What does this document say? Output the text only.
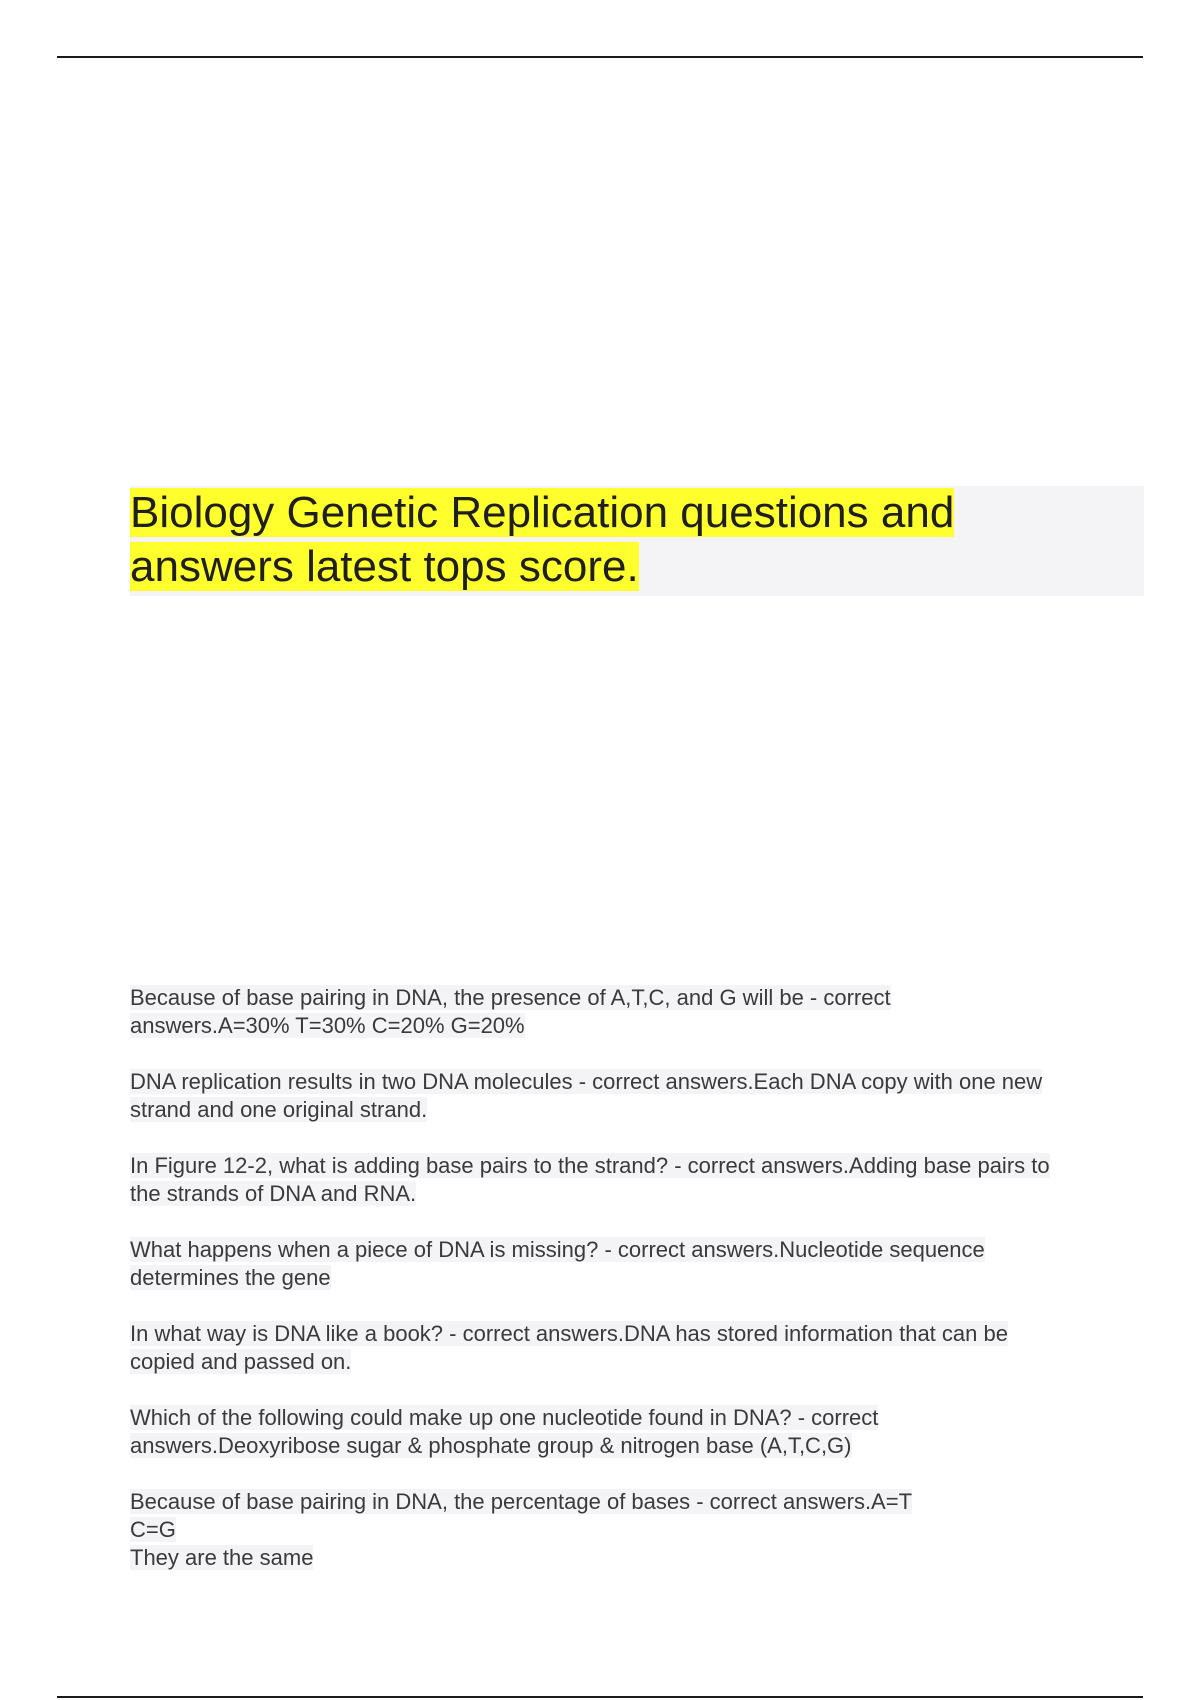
Biology Genetic Replication questions and
answers latest tops score.
Because of base pairing in DNA, the presence of A,T,C, and G will be - correct
answers.A=30% T=30% C=20% G=20%
DNA replication results in two DNA molecules - correct answers.Each DNA copy with one new
strand and one original strand.
In Figure 12-2, what is adding base pairs to the strand? - correct answers.Adding base pairs to
the strands of DNA and RNA.
What happens when a piece of DNA is missing? - correct answers.Nucleotide sequence
determines the gene
In what way is DNA like a book? - correct answers.DNA has stored information that can be
copied and passed on.
Which of the following could make up one nucleotide found in DNA? - correct
answers.Deoxyribose sugar & phosphate group & nitrogen base (A,T,C,G)
Because of base pairing in DNA, the percentage of bases - correct answers.A=T
C=G
They are the same
